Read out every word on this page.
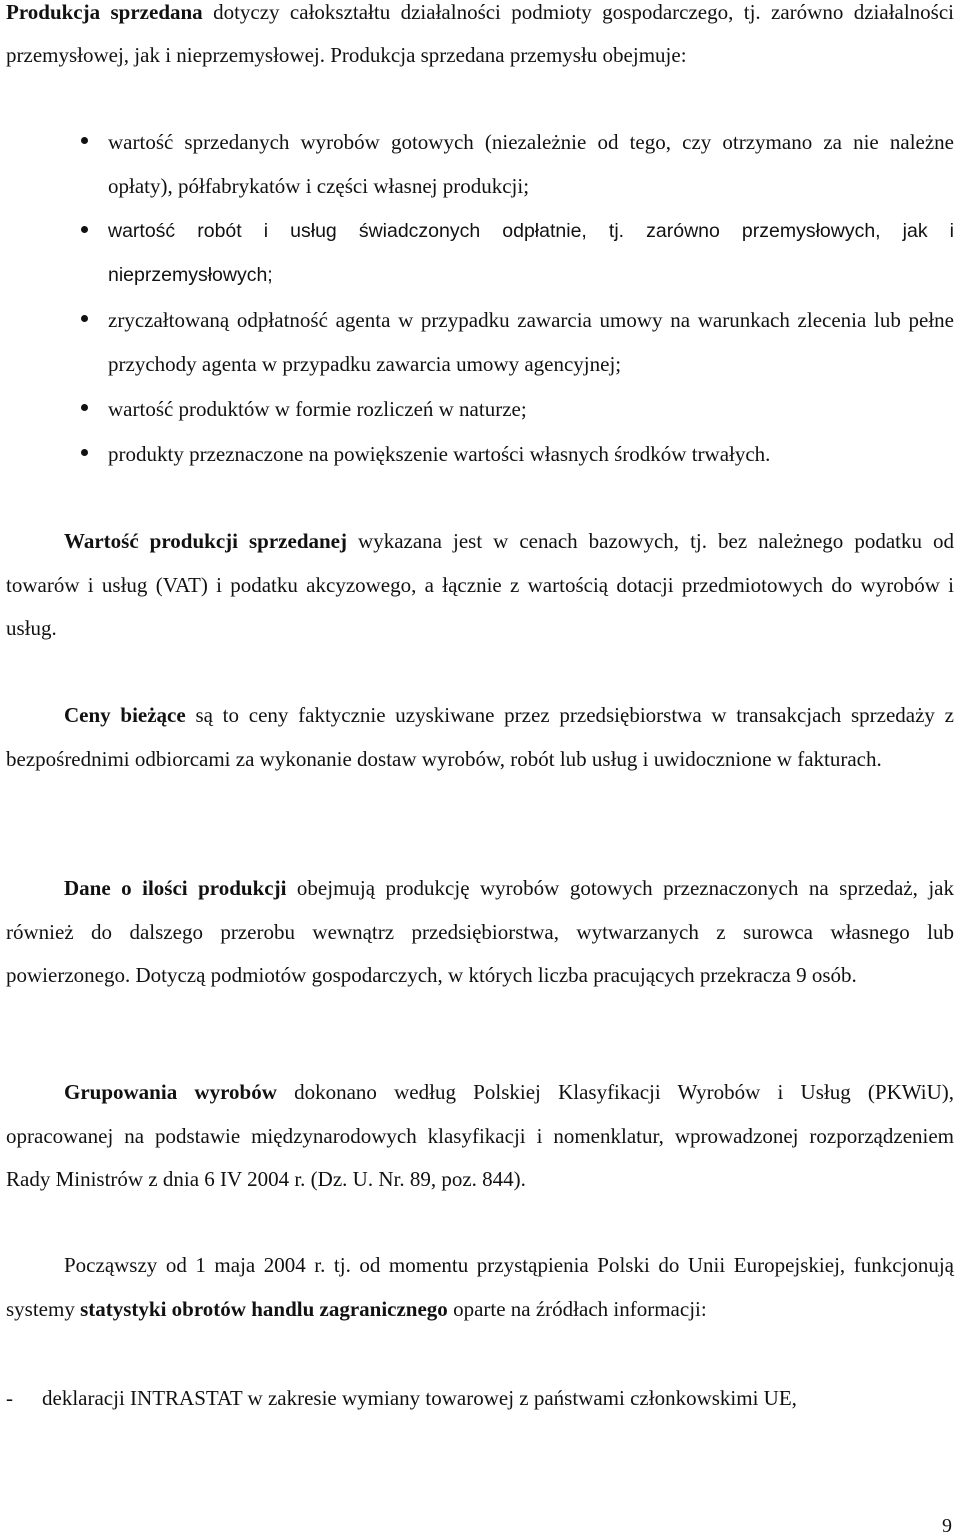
Produkcja sprzedana dotyczy całokształtu działalności podmioty gospodarczego, tj. zarówno działalności przemysłowej, jak i nieprzemysłowej. Produkcja sprzedana przemysłu obejmuje:

wartość sprzedanych wyrobów gotowych (niezależnie od tego, czy otrzymano za nie należne opłaty), półfabrykatów i części własnej produkcji;
wartość robót i usług świadczonych odpłatnie, tj. zarówno przemysłowych, jak i nieprzemysłowych;
zryczałtowaną odpłatność agenta w przypadku zawarcia umowy na warunkach zlecenia lub pełne przychody agenta w przypadku zawarcia umowy agencyjnej;
wartość produktów w formie rozliczeń w naturze;
produkty przeznaczone na powiększenie wartości własnych środków trwałych.

Wartość produkcji sprzedanej wykazana jest w cenach bazowych, tj. bez należnego podatku od towarów i usług (VAT) i podatku akcyzowego, a łącznie z wartością dotacji przedmiotowych do wyrobów i usług.

Ceny bieżące są to ceny faktycznie uzyskiwane przez przedsiębiorstwa w transakcjach sprzedaży z bezpośrednimi odbiorcami za wykonanie dostaw wyrobów, robót lub usług i uwidocznione w fakturach.

Dane o ilości produkcji obejmują produkcję wyrobów gotowych przeznaczonych na sprzedaż, jak również do dalszego przerobu wewnątrz przedsiębiorstwa, wytwarzanych z surowca własnego lub powierzonego. Dotyczą podmiotów gospodarczych, w których liczba pracujących przekracza 9 osób.

Grupowania wyrobów dokonano według Polskiej Klasyfikacji Wyrobów i Usług (PKWiU), opracowanej na podstawie międzynarodowych klasyfikacji i nomenklatur, wprowadzonej rozporządzeniem Rady Ministrów z dnia 6 IV 2004 r. (Dz. U. Nr. 89, poz. 844).

Począwszy od 1 maja 2004 r. tj. od momentu przystąpienia Polski do Unii Europejskiej, funkcjonują systemy statystyki obrotów handlu zagranicznego oparte na źródłach informacji:

-	deklaracji INTRASTAT w zakresie wymiany towarowej z państwami członkowskimi UE,
9
